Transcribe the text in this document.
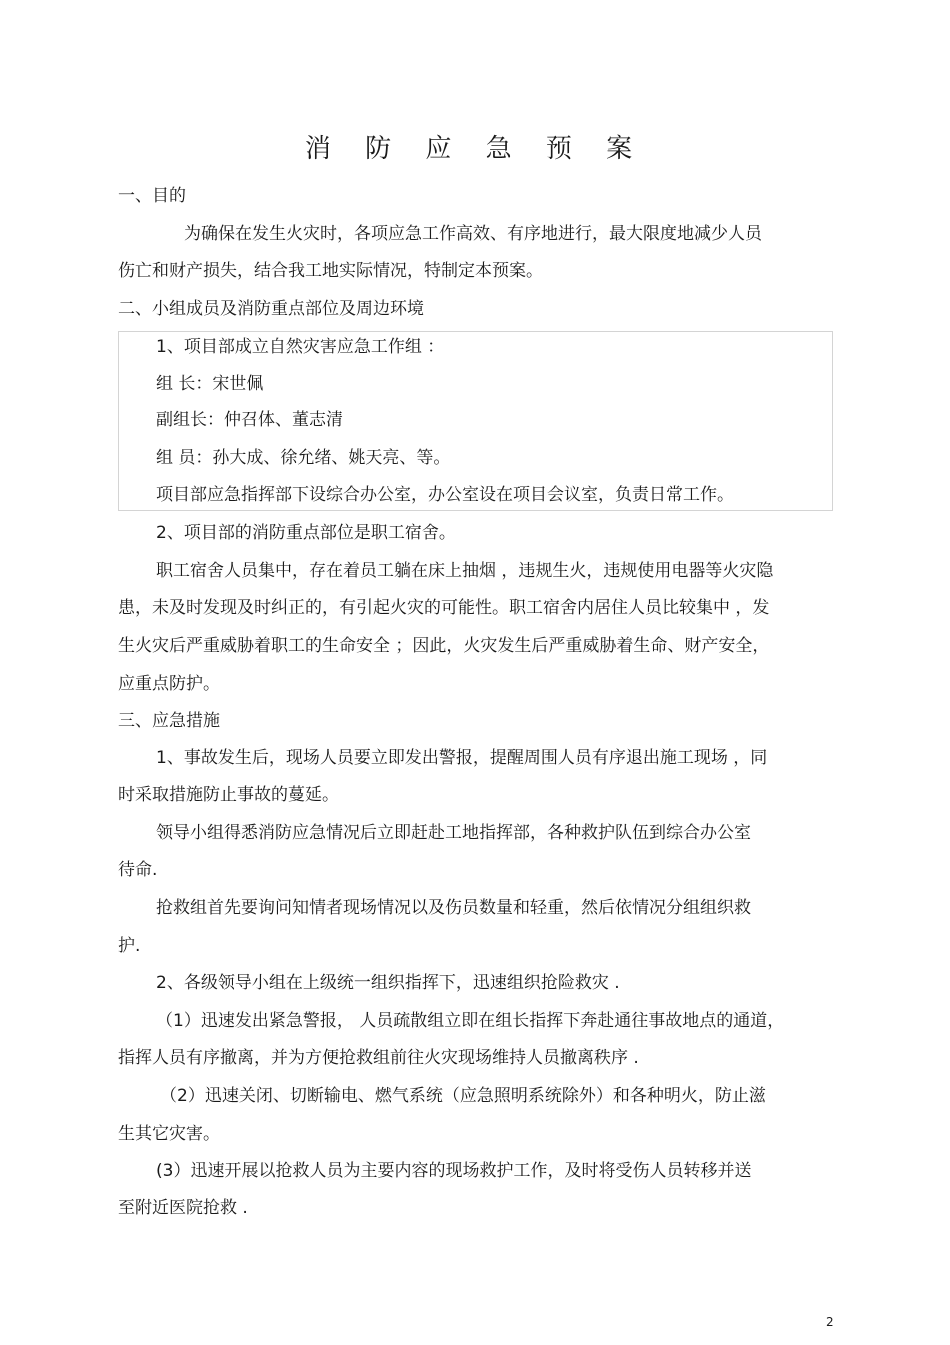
消 防 应 急 预 案
一、目的
为确保在发生火灾时，各项应急工作高效、有序地进行，最大限度地减少人员
伤亡和财产损失，结合我工地实际情况，特制定本预案。
二、小组成员及消防重点部位及周边环境
1、项目部成立自然灾害应急工作组 ：
组 长：宋世佩
副组长：仲召体、董志清
组 员：孙大成、徐允绪、姚天亮、等。
项目部应急指挥部下设综合办公室，办公室设在项目会议室，负责日常工作。
2、项目部的消防重点部位是职工宿舍。
职工宿舍人员集中，存在着员工躺在床上抽烟 ，违规生火，违规使用电器等火灾隐
患，未及时发现及时纠正的，有引起火灾的可能性。职工宿舍内居住人员比较集中 ，发
生火灾后严重威胁着职工的生命安全 ；因此，火灾发生后严重威胁着生命、财产安全，
应重点防护。
三、应急措施
1、事故发生后，现场人员要立即发出警报，提醒周围人员有序退出施工现场 ，同
时采取措施防止事故的蔓延。
领导小组得悉消防应急情况后立即赶赴工地指挥部，各种救护队伍到综合办公室
待命.
抢救组首先要询问知情者现场情况以及伤员数量和轻重，然后依情况分组组织救
护.
2、各级领导小组在上级统一组织指挥下，迅速组织抢险救灾 .
（1）迅速发出紧急警报， 人员疏散组立即在组长指挥下奔赴通往事故地点的通道，
指挥人员有序撤离，并为方便抢救组前往火灾现场维持人员撤离秩序 .
（2）迅速关闭、切断输电、燃气系统（应急照明系统除外）和各种明火，防止滋
生其它灾害。
(3）迅速开展以抢救人员为主要内容的现场救护工作，及时将受伤人员转移并送
至附近医院抢救 .
2
